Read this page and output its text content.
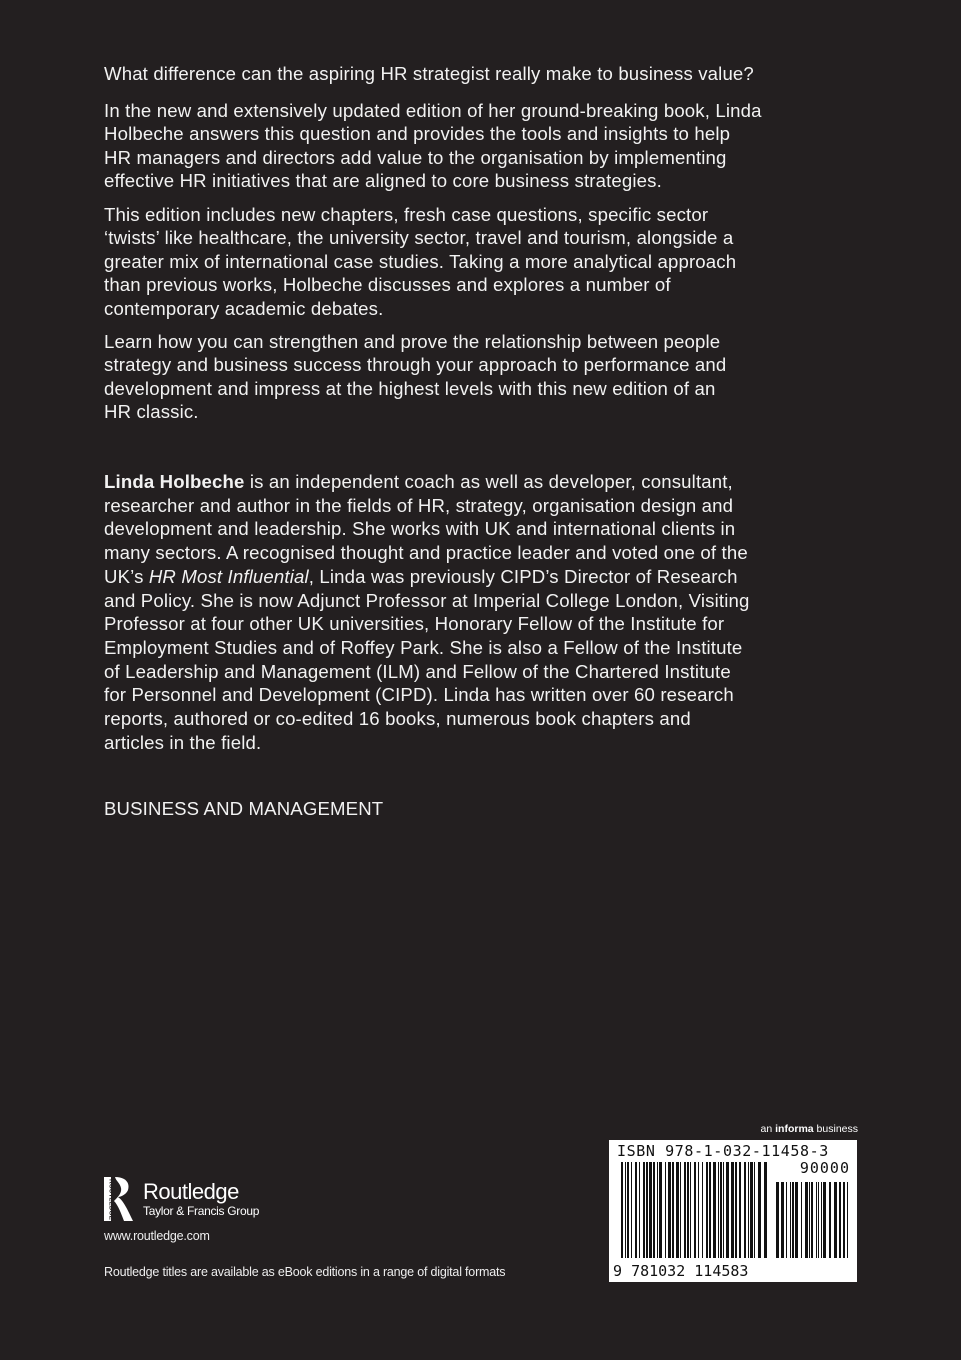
What difference can the aspiring HR strategist really make to business value?
In the new and extensively updated edition of her ground-breaking book, Linda
Holbeche answers this question and provides the tools and insights to help
HR managers and directors add value to the organisation by implementing
effective HR initiatives that are aligned to core business strategies.
This edition includes new chapters, fresh case questions, specific sector
‘twists’ like healthcare, the university sector, travel and tourism, alongside a
greater mix of international case studies. Taking a more analytical approach
than previous works, Holbeche discusses and explores a number of
contemporary academic debates.
Learn how you can strengthen and prove the relationship between people
strategy and business success through your approach to performance and
development and impress at the highest levels with this new edition of an
HR classic.
Linda Holbeche is an independent coach as well as developer, consultant,
researcher and author in the fields of HR, strategy, organisation design and
development and leadership. She works with UK and international clients in
many sectors. A recognised thought and practice leader and voted one of the
UK’s HR Most Influential, Linda was previously CIPD’s Director of Research
and Policy. She is now Adjunct Professor at Imperial College London, Visiting
Professor at four other UK universities, Honorary Fellow of the Institute for
Employment Studies and of Roffey Park. She is also a Fellow of the Institute
of Leadership and Management (ILM) and Fellow of the Chartered Institute
for Personnel and Development (CIPD). Linda has written over 60 research
reports, authored or co-edited 16 books, numerous book chapters and
articles in the field.
BUSINESS AND MANAGEMENT
ROUTLEDGE Routledge
Taylor & Francis Group
www.routledge.com
Routledge titles are available as eBook editions in a range of digital formats
an informa business
ISBN 978-1-032-11458-3
90000
9 781032 114583
